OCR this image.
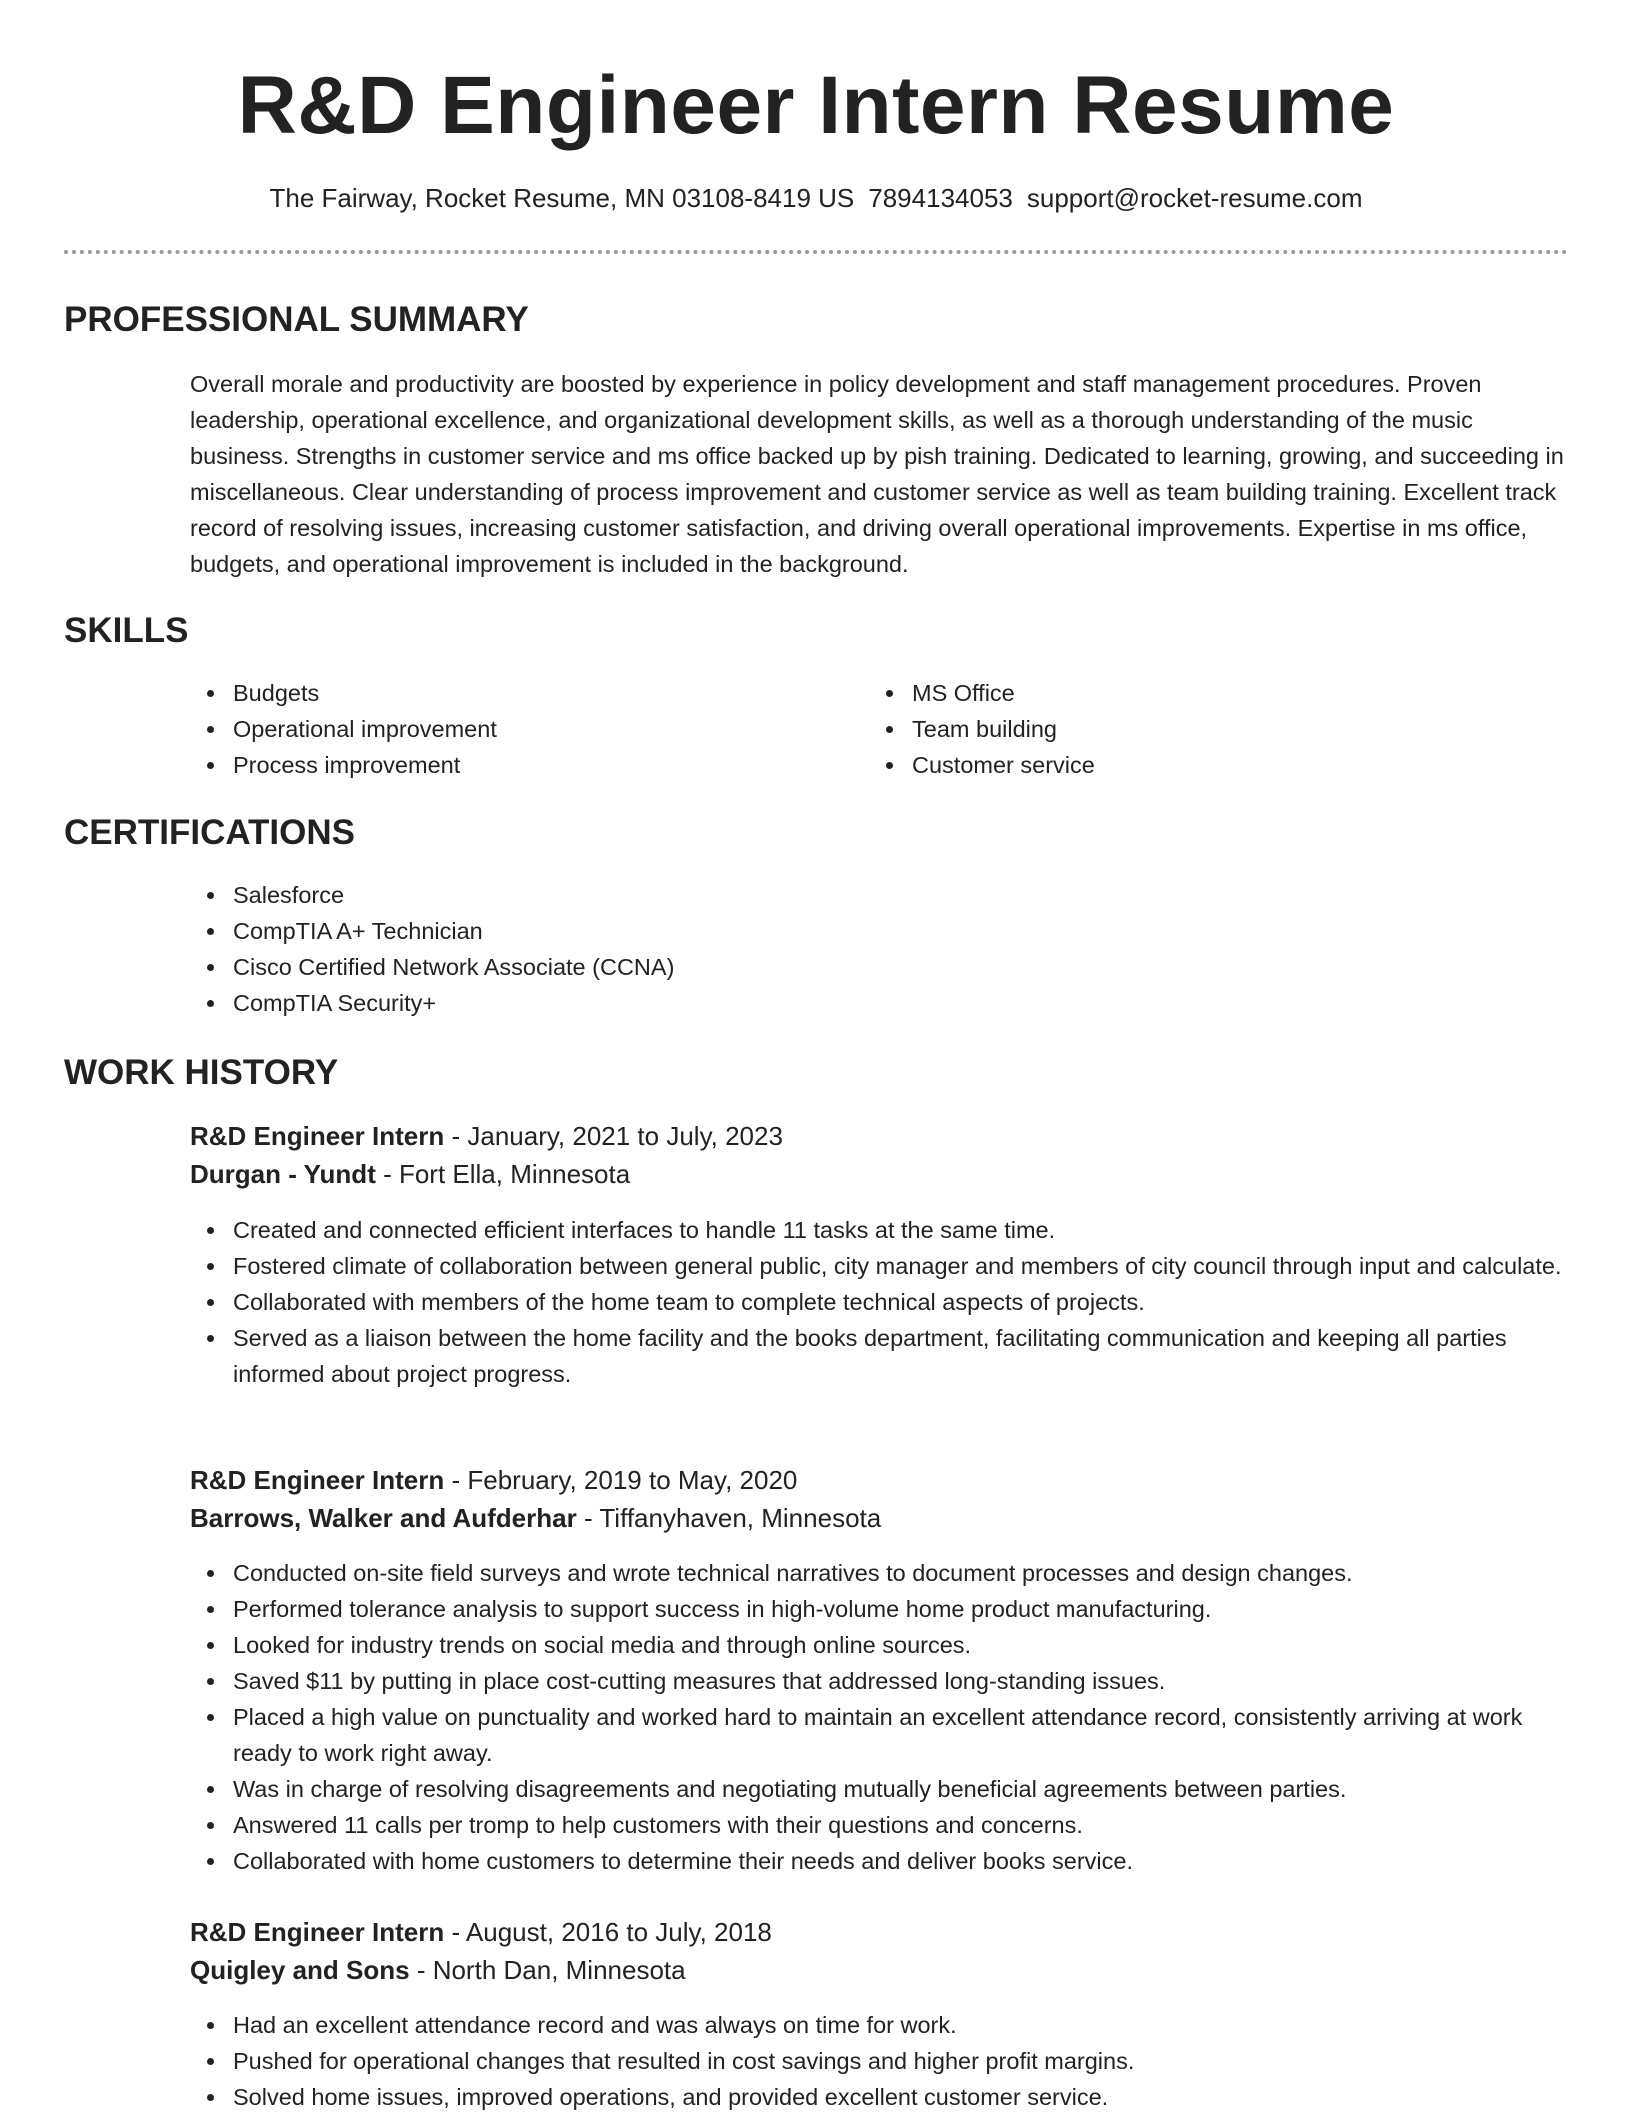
R&D Engineer Intern Resume
The Fairway, Rocket Resume, MN 03108-8419 US 7894134053 support@rocket-resume.com
PROFESSIONAL SUMMARY

Overall morale and productivity are boosted by experience in policy development and staff management procedures. Proven leadership, operational excellence, and organizational development skills, as well as a thorough understanding of the music business. Strengths in customer service and ms office backed up by pish training. Dedicated to learning, growing, and succeeding in miscellaneous. Clear understanding of process improvement and customer service as well as team building training. Excellent track record of resolving issues, increasing customer satisfaction, and driving overall operational improvements. Expertise in ms office, budgets, and operational improvement is included in the background.

SKILLS
Budgets
Operational improvement
Process improvement
MS Office
Team building
Customer service
CERTIFICATIONS
Salesforce
CompTIA A+ Technician
Cisco Certified Network Associate (CCNA)
CompTIA Security+
WORK HISTORY
R&D Engineer Intern - January, 2021 to July, 2023
Durgan - Yundt - Fort Ella, Minnesota
Created and connected efficient interfaces to handle 11 tasks at the same time.
Fostered climate of collaboration between general public, city manager and members of city council through input and calculate.
Collaborated with members of the home team to complete technical aspects of projects.
Served as a liaison between the home facility and the books department, facilitating communication and keeping all parties informed about project progress.
R&D Engineer Intern - February, 2019 to May, 2020
Barrows, Walker and Aufderhar - Tiffanyhaven, Minnesota
Conducted on-site field surveys and wrote technical narratives to document processes and design changes.
Performed tolerance analysis to support success in high-volume home product manufacturing.
Looked for industry trends on social media and through online sources.
Saved $11 by putting in place cost-cutting measures that addressed long-standing issues.
Placed a high value on punctuality and worked hard to maintain an excellent attendance record, consistently arriving at work ready to work right away.
Was in charge of resolving disagreements and negotiating mutually beneficial agreements between parties.
Answered 11 calls per tromp to help customers with their questions and concerns.
Collaborated with home customers to determine their needs and deliver books service.
R&D Engineer Intern - August, 2016 to July, 2018
Quigley and Sons - North Dan, Minnesota
Had an excellent attendance record and was always on time for work.
Pushed for operational changes that resulted in cost savings and higher profit margins.
Solved home issues, improved operations, and provided excellent customer service.
